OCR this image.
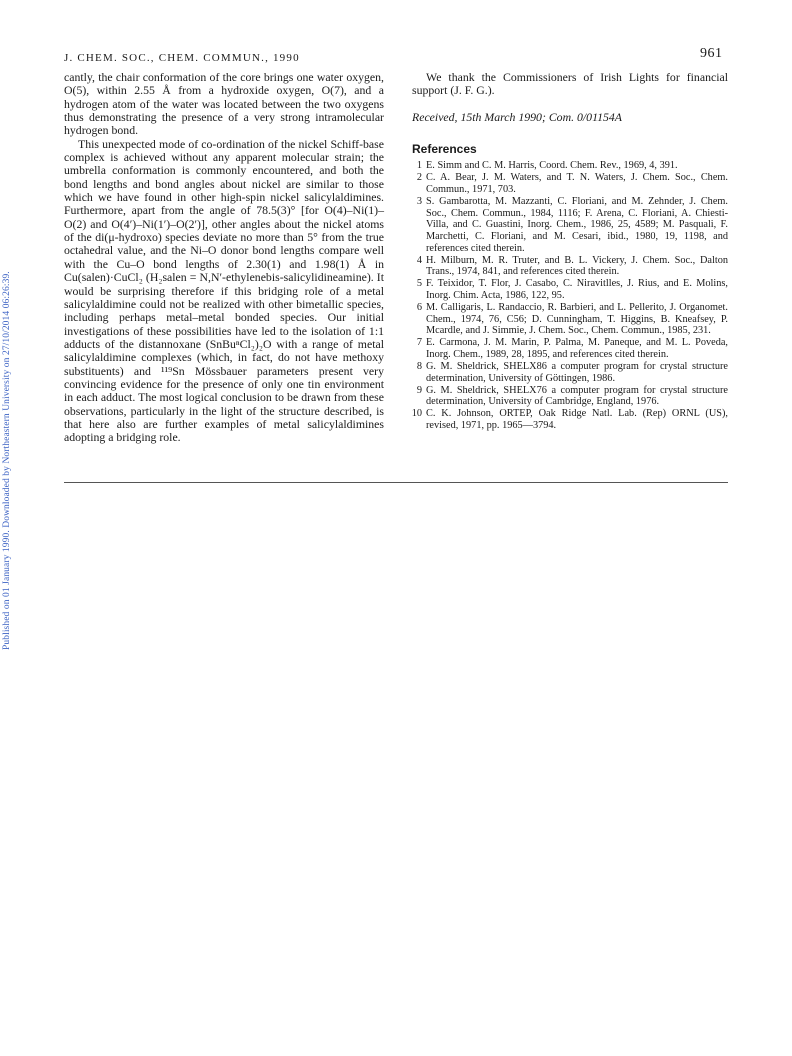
J. CHEM. SOC., CHEM. COMMUN., 1990	961
Published on 01 January 1990. Downloaded by Northeastern University on 27/10/2014 06:26:39.

cantly, the chair conformation of the core brings one water oxygen, O(5), within 2.55 Å from a hydroxide oxygen, O(7), and a hydrogen atom of the water was located between the two oxygens thus demonstrating the presence of a very strong intramolecular hydrogen bond.

This unexpected mode of co-ordination of the nickel Schiff-base complex is achieved without any apparent molecular strain; the umbrella conformation is commonly encountered, and both the bond lengths and bond angles about nickel are similar to those which we have found in other high-spin nickel salicylaldimines. Furthermore, apart from the angle of 78.5(3)° [for O(4)–Ni(1)–O(2) and O(4′)–Ni(1′)–O(2′)], other angles about the nickel atoms of the di(μ-hydroxo) species deviate no more than 5° from the true octahedral value, and the Ni–O donor bond lengths compare well with the Cu–O bond lengths of 2.30(1) and 1.98(1) Å in Cu(salen)·CuCl₂ (H₂salen = N,N′-ethylenebis-salicylidineamine). It would be surprising therefore if this bridging role of a metal salicylaldimine could not be realized with other bimetallic species, including perhaps metal–metal bonded species. Our initial investigations of these possibilities have led to the isolation of 1:1 adducts of the distannoxane (SnBuⁿCl₂)₂O with a range of metal salicylaldimine complexes (which, in fact, do not have methoxy substituents) and ¹¹⁹Sn Mössbauer parameters present very convincing evidence for the presence of only one tin environment in each adduct. The most logical conclusion to be drawn from these observations, particularly in the light of the structure described, is that here also are further examples of metal salicylaldimines adopting a bridging role.

We thank the Commissioners of Irish Lights for financial support (J. F. G.).

Received, 15th March 1990; Com. 0/01154A

References
1 E. Simm and C. M. Harris, Coord. Chem. Rev., 1969, 4, 391.
2 C. A. Bear, J. M. Waters, and T. N. Waters, J. Chem. Soc., Chem. Commun., 1971, 703.
3 S. Gambarotta, M. Mazzanti, C. Floriani, and M. Zehnder, J. Chem. Soc., Chem. Commun., 1984, 1116; F. Arena, C. Floriani, A. Chiesti-Villa, and C. Guastini, Inorg. Chem., 1986, 25, 4589; M. Pasquali, F. Marchetti, C. Floriani, and M. Cesari, ibid., 1980, 19, 1198, and references cited therein.
4 H. Milburn, M. R. Truter, and B. L. Vickery, J. Chem. Soc., Dalton Trans., 1974, 841, and references cited therein.
5 F. Teixidor, T. Flor, J. Casabo, C. Niravitlles, J. Rius, and E. Molins, Inorg. Chim. Acta, 1986, 122, 95.
6 M. Calligaris, L. Randaccio, R. Barbieri, and L. Pellerito, J. Organomet. Chem., 1974, 76, C56; D. Cunningham, T. Higgins, B. Kneafsey, P. Mcardle, and J. Simmie, J. Chem. Soc., Chem. Commun., 1985, 231.
7 E. Carmona, J. M. Marin, P. Palma, M. Paneque, and M. L. Poveda, Inorg. Chem., 1989, 28, 1895, and references cited therein.
8 G. M. Sheldrick, SHELX86 a computer program for crystal structure determination, University of Göttingen, 1986.
9 G. M. Sheldrick, SHELX76 a computer program for crystal structure determination, University of Cambridge, England, 1976.
10 C. K. Johnson, ORTEP, Oak Ridge Natl. Lab. (Rep) ORNL (US), revised, 1971, pp. 1965—3794.
